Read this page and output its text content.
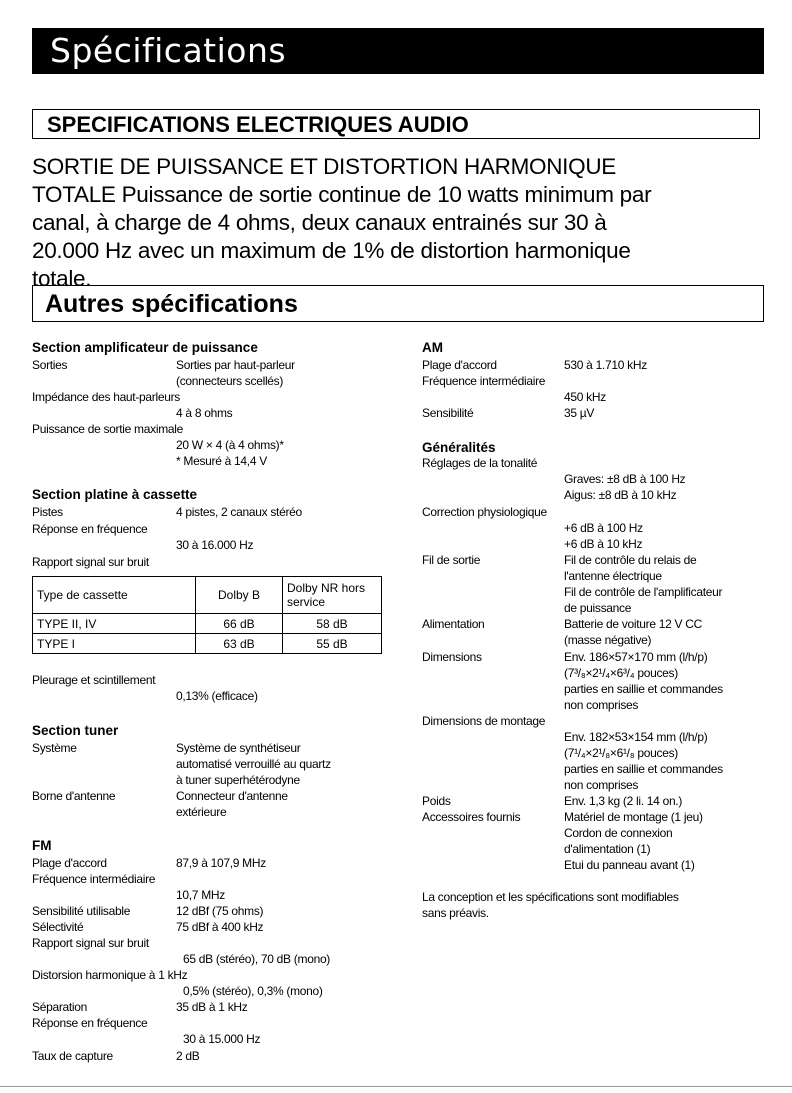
Spécifications
SPECIFICATIONS ELECTRIQUES AUDIO
SORTIE DE PUISSANCE ET DISTORTION HARMONIQUE
TOTALE Puissance de sortie continue de 10 watts minimum par
canal, à charge de 4 ohms, deux canaux entrainés sur 30 à
20.000 Hz avec un maximum de 1% de distortion harmonique
totale.
Autres spécifications
Section amplificateur de puissance
Sorties	Sorties par haut-parleur
(connecteurs scellés)
Impédance des haut-parleurs
4 à 8 ohms
Puissance de sortie maximale
20 W × 4 (à 4 ohms)*
* Mesuré à 14,4 V
Section platine à cassette
Pistes	4 pistes, 2 canaux stéréo
Réponse en fréquence
30 à 16.000 Hz
Rapport signal sur bruit
Type de cassette	Dolby B	Dolby NR hors service
TYPE II, IV	66 dB	58 dB
TYPE I	63 dB	55 dB
Pleurage et scintillement
0,13% (efficace)
Section tuner
Système	Système de synthétiseur
automatisé verrouillé au quartz
à tuner superhétérodyne
Borne d'antenne	Connecteur d'antenne
extérieure
FM
Plage d'accord	87,9 à 107,9 MHz
Fréquence intermédiaire
10,7 MHz
Sensibilité utilisable	12 dBf (75 ohms)
Sélectivité	75 dBf à 400 kHz
Rapport signal sur bruit
65 dB (stéréo), 70 dB (mono)
Distorsion harmonique à 1 kHz
0,5% (stéréo), 0,3% (mono)
Séparation	35 dB à 1 kHz
Réponse en fréquence
30 à 15.000 Hz
Taux de capture	2 dB
AM
Plage d'accord	530 à 1.710 kHz
Fréquence intermédiaire
450 kHz
Sensibilité	35 µV
Généralités
Réglages de la tonalité
Graves: ±8 dB à 100 Hz
Aigus: ±8 dB à 10 kHz
Correction physiologique
+6 dB à 100 Hz
+6 dB à 10 kHz
Fil de sortie	Fil de contrôle du relais de
l'antenne électrique
Fil de contrôle de l'amplificateur
de puissance
Alimentation	Batterie de voiture 12 V CC
(masse négative)
Dimensions	Env. 186×57×170 mm (l/h/p)
(7³/₈×2¹/₄×6³/₄ pouces)
parties en saillie et commandes
non comprises
Dimensions de montage
Env. 182×53×154 mm (l/h/p)
(7¹/₄×2¹/₈×6¹/₈ pouces)
parties en saillie et commandes
non comprises
Poids	Env. 1,3 kg (2 li. 14 on.)
Accessoires fournis	Matériel de montage (1 jeu)
Cordon de connexion
d'alimentation (1)
Etui du panneau avant (1)
La conception et les spécifications sont modifiables
sans préavis.
